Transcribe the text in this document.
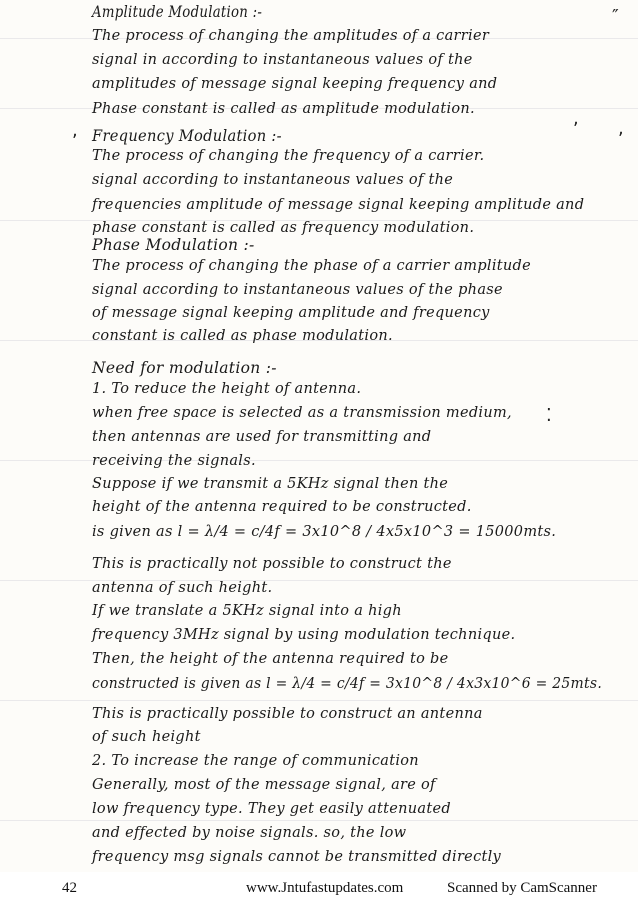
″
,
, ,
⁚
Amplitude Modulation :-
The process of changing the amplitudes of a carrier
signal in according to instantaneous values of the
amplitudes of message signal keeping frequency and
Phase constant is called as amplitude modulation.
Frequency Modulation :-
The process of changing the frequency of a carrier.
signal according to instantaneous values of the
frequencies amplitude of message signal keeping amplitude and
phase constant is called as frequency modulation.
Phase Modulation :-
The process of changing the phase of a carrier amplitude
signal according to instantaneous values of the phase
of message signal keeping amplitude and frequency
constant is called as phase modulation.
Need for modulation :-
1. To reduce the height of antenna.
when free space is selected as a transmission medium,
then antennas are used for transmitting and
receiving the signals.
Suppose if we transmit a 5KHz signal then the
height of the antenna required to be constructed.
is given as l = λ/4 = c/4f = 3x10^8 / 4x5x10^3 = 15000mts.
This is practically not possible to construct the
antenna of such height.
If we translate a 5KHz signal into a high
frequency 3MHz signal by using modulation technique.
Then, the height of the antenna required to be
constructed is given as l = λ/4 = c/4f = 3x10^8 / 4x3x10^6 = 25mts.
This is practically possible to construct an antenna
of such height
2. To increase the range of communication
Generally, most of the message signal, are of
low frequency type. They get easily attenuated
and effected by noise signals. so, the low
frequency msg signals cannot be transmitted directly
42	www.Jntufastupdates.com	Scanned by CamScanner
